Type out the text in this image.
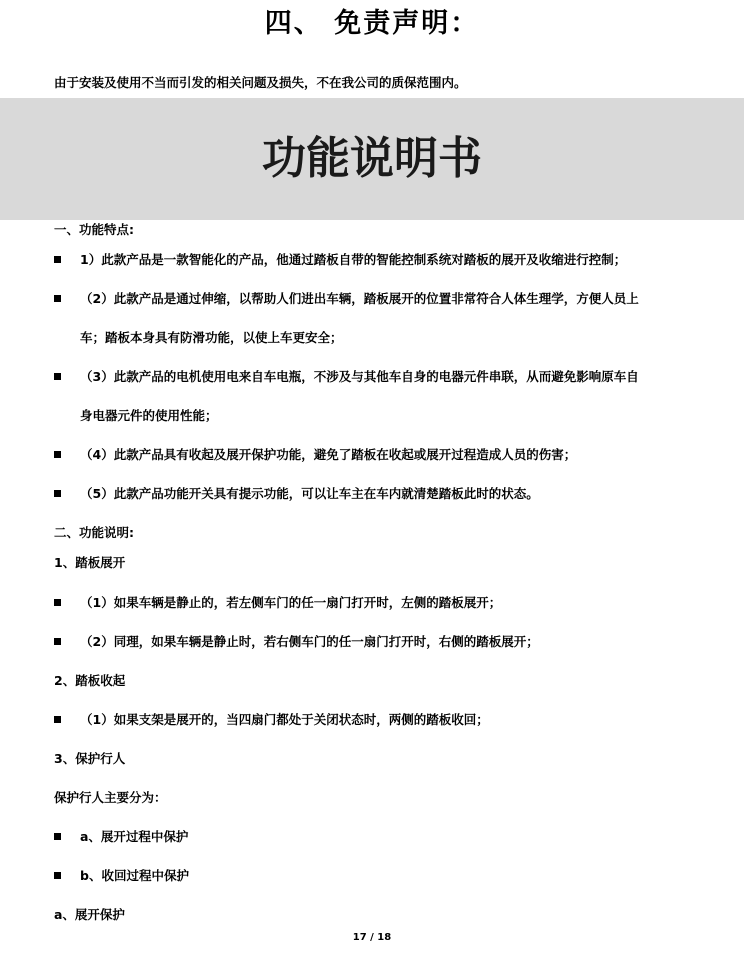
四、 免责声明：
由于安装及使用不当而引发的相关问题及损失，不在我公司的质保范围内。
功能说明书
一、功能特点:
1）此款产品是一款智能化的产品，他通过踏板自带的智能控制系统对踏板的展开及收缩进行控制；
（2）此款产品是通过伸缩，以帮助人们进出车辆，踏板展开的位置非常符合人体生理学，方便人员上
车；踏板本身具有防滑功能，以使上车更安全；
（3）此款产品的电机使用电来自车电瓶，不涉及与其他车自身的电器元件串联，从而避免影响原车自
身电器元件的使用性能；
（4）此款产品具有收起及展开保护功能，避免了踏板在收起或展开过程造成人员的伤害；
（5）此款产品功能开关具有提示功能，可以让车主在车内就清楚踏板此时的状态。
二、功能说明:
1、踏板展开
（1）如果车辆是静止的，若左侧车门的任一扇门打开时，左侧的踏板展开；
（2）同理，如果车辆是静止时，若右侧车门的任一扇门打开时，右侧的踏板展开；
2、踏板收起
（1）如果支架是展开的，当四扇门都处于关闭状态时，两侧的踏板收回；
3、保护行人
保护行人主要分为：
a、展开过程中保护
b、收回过程中保护
a、展开保护
17 / 18
